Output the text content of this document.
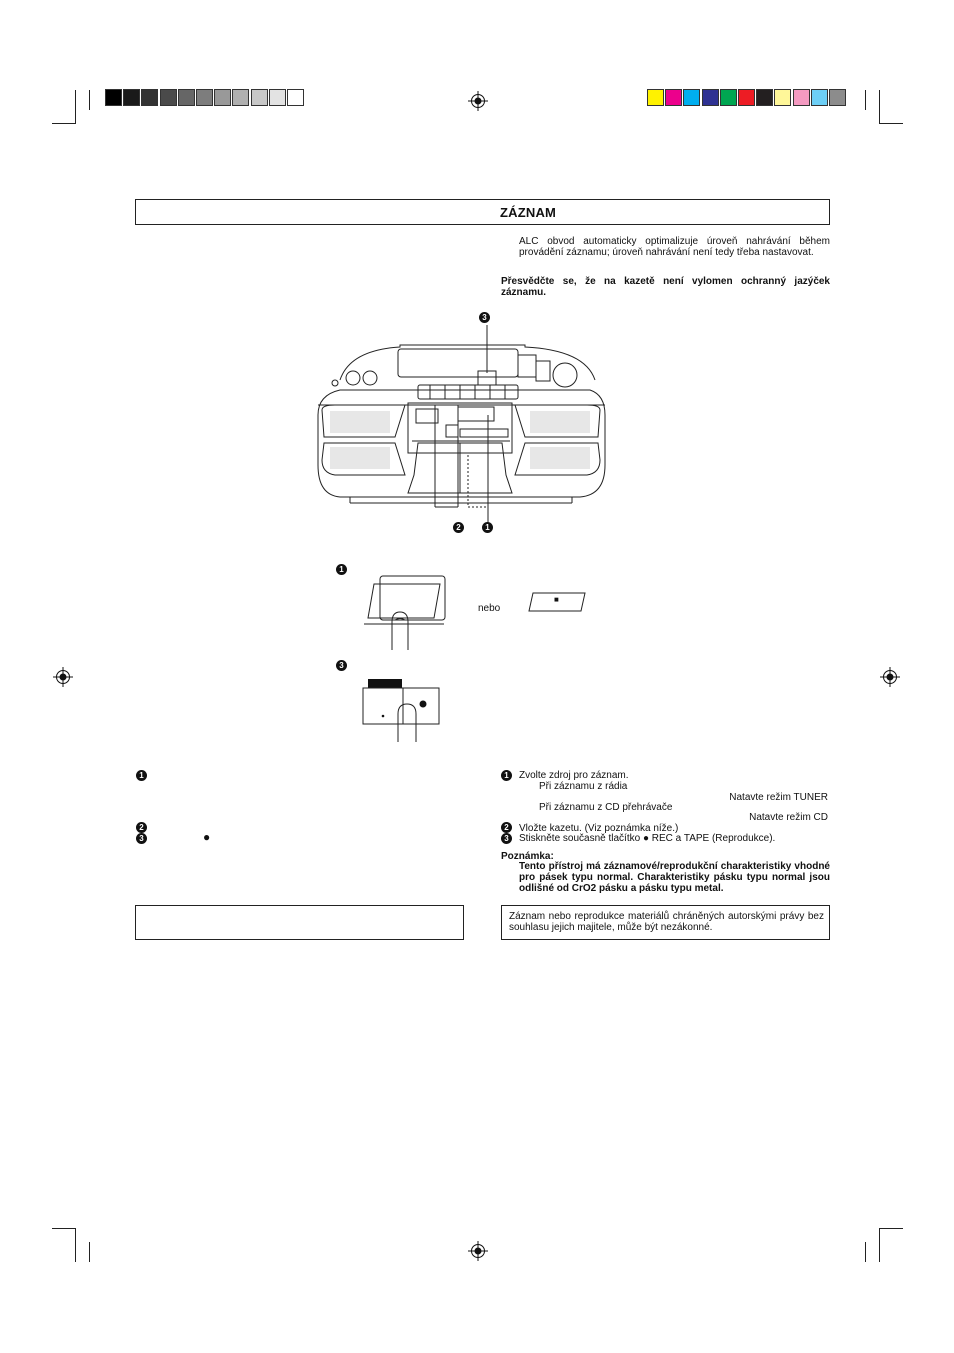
ZÁZNAM
ALC obvod automaticky optimalizuje úroveň nahrávání během provádění záznamu; úroveň nahrávání není tedy třeba nastavovat.
Přesvědčte se, že na kazetě není vylomen ochranný jazýček záznamu.
3
2	1
1
nebo
■
3
1
2
3	●
1	Zvolte zdroj pro záznam.
Při záznamu z rádia
Natavte režim TUNER
Při záznamu z CD přehrávače
Natavte režim CD
2	Vložte kazetu. (Viz poznámka níže.)
3	Stiskněte současně tlačítko ● REC a TAPE (Reprodukce).
Poznámka:
Tento přístroj má záznamové/reprodukční charakteristiky vhodné pro pásek typu normal. Charakteristiky pásku typu normal jsou odlišné od CrO2 pásku a pásku typu metal.
Záznam nebo reprodukce materiálů chráněných autorskými právy bez souhlasu jejich majitele, může být nezákonné.
